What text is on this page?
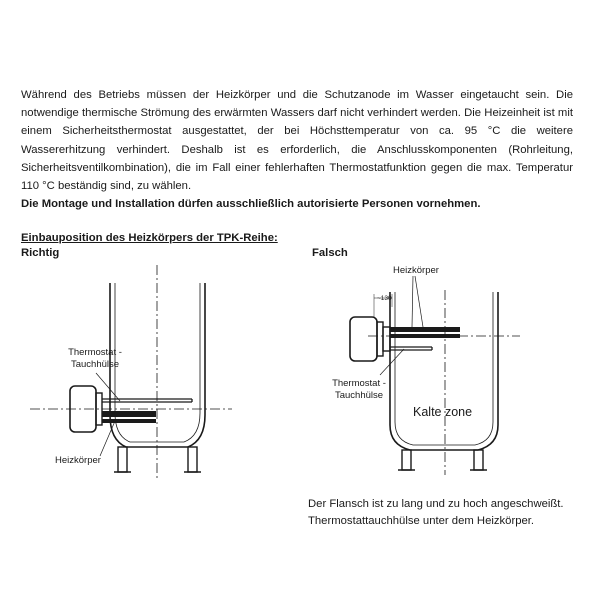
Während des Betriebs müssen der Heizkörper und die Schutzanode im Wasser eingetaucht sein. Die notwendige thermische Strömung des erwärmten Wassers darf nicht verhindert werden. Die Heizeinheit ist mit einem Sicherheitsthermostat ausgestattet, der bei Höchsttemperatur von ca. 95 °C die weitere Wassererhitzung verhindert. Deshalb ist es erforderlich, die Anschlusskomponenten (Rohrleitung, Sicherheitsventilkombination), die im Fall einer fehlerhaften Thermostatfunktion gegen die max. Temperatur 110 °C beständig sind, zu wählen.

Die Montage und Installation dürfen ausschließlich autorisierte Personen vornehmen.

Einbauposition des Heizkörpers der TPK-Reihe:

Richtig	Falsch

Thermostat -
Tauchhülse
Heizkörper
Heizkörper
~130
Thermostat -
Tauchhülse
Kalte zone
Der Flansch ist zu lang und zu hoch angeschweißt.
Thermostattauchhülse unter dem Heizkörper.
